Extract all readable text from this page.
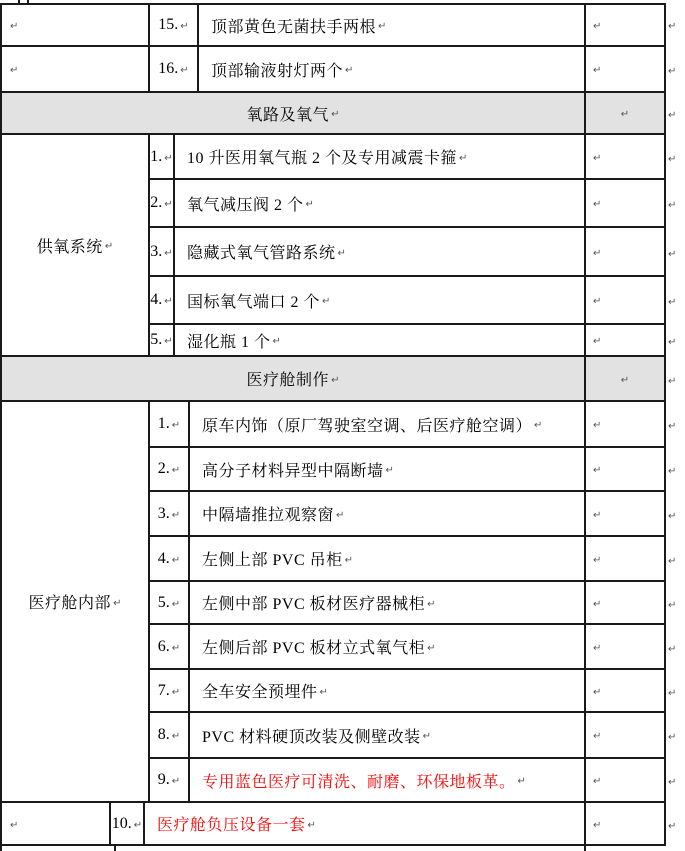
↵	15. ↵ 顶部黄色无菌扶手两根 ↵	↵	↵
↵	16. ↵ 顶部输液射灯两个 ↵	↵	↵
氧路及氧气 ↵	↵	↵
供氧系统 ↵
1. ↵ 10 升医用氧气瓶 2 个及专用减震卡箍 ↵	↵	↵
2. ↵ 氧气减压阀 2 个 ↵	↵	↵
3. ↵ 隐藏式氧气管路系统 ↵	↵	↵
4. ↵ 国标氧气端口 2 个 ↵	↵	↵
5. ↵ 湿化瓶 1 个 ↵	↵	↵
医疗舱制作 ↵	↵	↵
医疗舱内部 ↵
1. ↵ 原车内饰（原厂驾驶室空调、后医疗舱空调） ↵	↵	↵
2. ↵ 高分子材料异型中隔断墙 ↵	↵	↵
3. ↵ 中隔墙推拉观察窗 ↵	↵	↵
4. ↵ 左侧上部 PVC 吊柜 ↵	↵	↵
5. ↵ 左侧中部 PVC 板材医疗器械柜 ↵	↵	↵
6. ↵ 左侧后部 PVC 板材立式氧气柜 ↵	↵	↵
7. ↵ 全车安全预埋件 ↵	↵	↵
8. ↵ PVC 材料硬顶改装及侧壁改装 ↵	↵	↵
9. ↵ 专用蓝色医疗可清洗、耐磨、环保地板革。 ↵	↵	↵
↵	10. ↵ 医疗舱负压设备一套 ↵	↵	↵
